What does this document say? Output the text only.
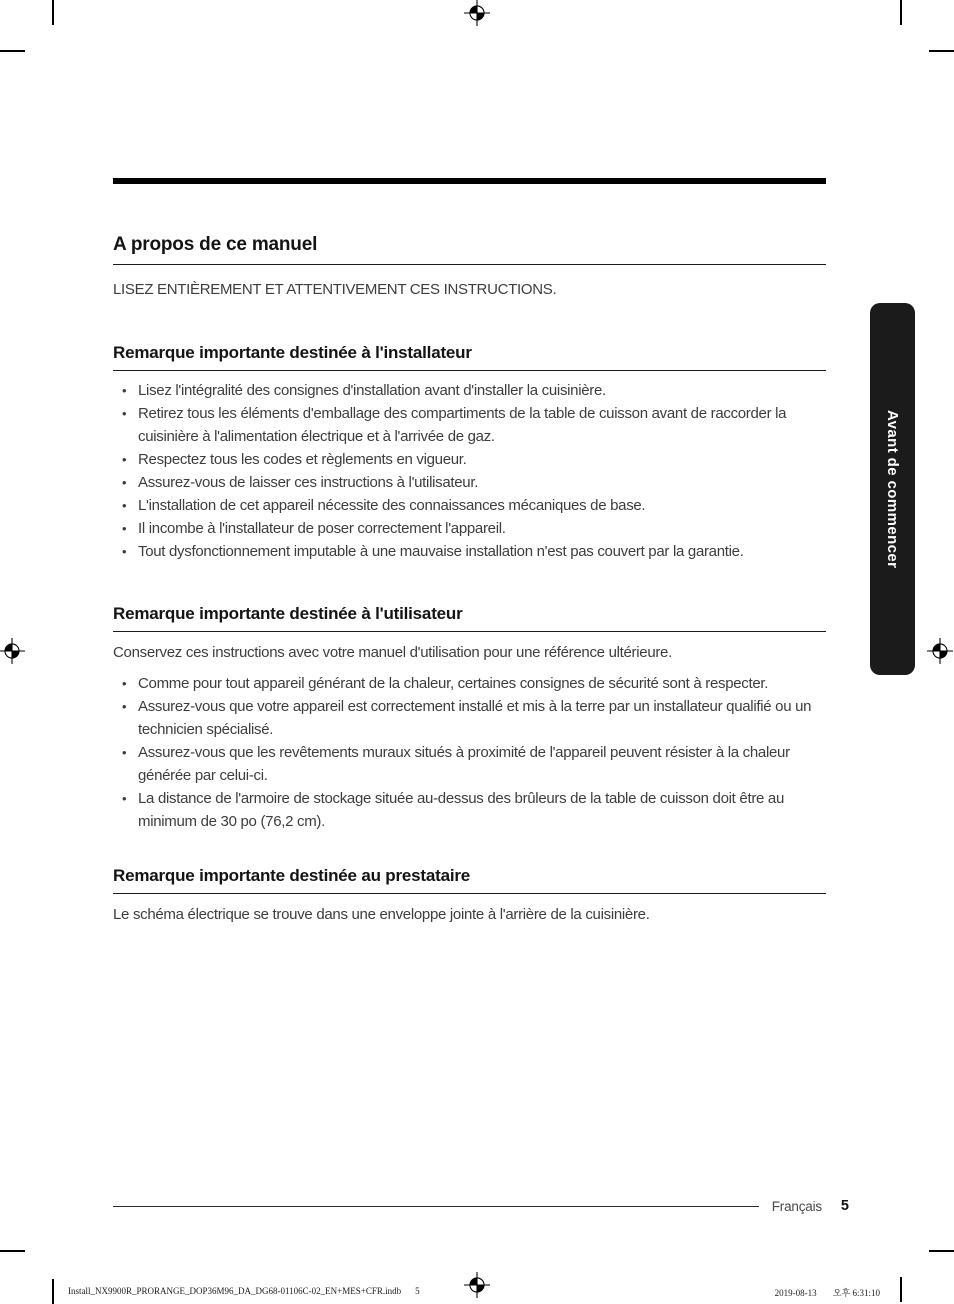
A propos de ce manuel

LISEZ ENTIÈREMENT ET ATTENTIVEMENT CES INSTRUCTIONS.

Remarque importante destinée à l'installateur
• Lisez l'intégralité des consignes d'installation avant d'installer la cuisinière.
• Retirez tous les éléments d'emballage des compartiments de la table de cuisson avant de raccorder la cuisinière à l'alimentation électrique et à l'arrivée de gaz.
• Respectez tous les codes et règlements en vigueur.
• Assurez-vous de laisser ces instructions à l'utilisateur.
• L'installation de cet appareil nécessite des connaissances mécaniques de base.
• Il incombe à l'installateur de poser correctement l'appareil.
• Tout dysfonctionnement imputable à une mauvaise installation n'est pas couvert par la garantie.
Remarque importante destinée à l'utilisateur

Conservez ces instructions avec votre manuel d'utilisation pour une référence ultérieure.

• Comme pour tout appareil générant de la chaleur, certaines consignes de sécurité sont à respecter.
• Assurez-vous que votre appareil est correctement installé et mis à la terre par un installateur qualifié ou un technicien spécialisé.
• Assurez-vous que les revêtements muraux situés à proximité de l'appareil peuvent résister à la chaleur générée par celui-ci.
• La distance de l'armoire de stockage située au-dessus des brûleurs de la table de cuisson doit être au minimum de 30 po (76,2 cm).
Remarque importante destinée au prestataire

Le schéma électrique se trouve dans une enveloppe jointe à l'arrière de la cuisinière.

Avant de commencer
Français 5
Install_NX9900R_PRORANGE_DOP36M96_DA_DG68-01106C-02_EN+MES+CFR.indb 5	2019-08-13 오후 6:31:10
